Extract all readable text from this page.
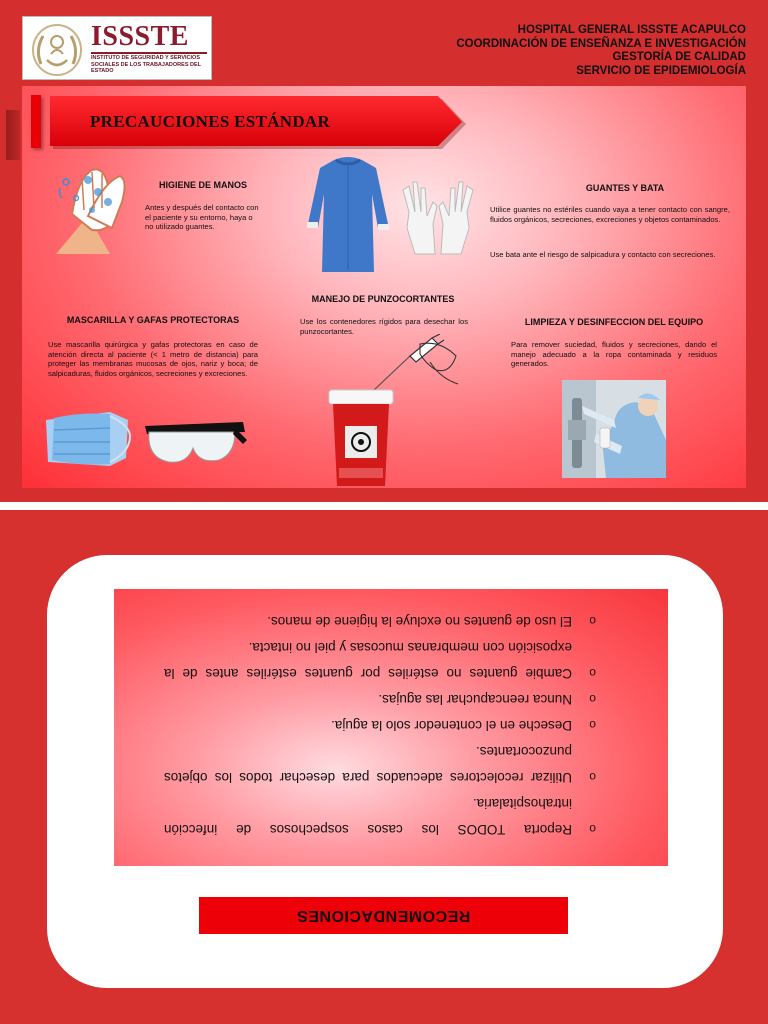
ISSSTE
INSTITUTO DE SEGURIDAD Y SERVICIOS SOCIALES DE LOS TRABAJADORES DEL ESTADO
HOSPITAL GENERAL ISSSTE ACAPULCO
COORDINACIÓN DE ENSEÑANZA E INVESTIGACIÓN
GESTORÍA DE CALIDAD
SERVICIO DE EPIDEMIOLOGÍA
PRECAUCIONES ESTÁNDAR
HIGIENE DE MANOS
Antes y después del contacto con el paciente y su entorno, haya o no utilizado guantes.
GUANTES Y BATA
Utilice guantes no estériles cuando vaya a tener contacto con sangre, fluidos orgánicos, secreciones, excreciones y objetos contaminados.
Use bata ante el riesgo de salpicadura y contacto con secreciones.
MANEJO DE PUNZOCORTANTES
Use los contenedores rígidos para desechar los punzocortantes.
MASCARILLA Y GAFAS PROTECTORAS
Use mascarilla quirúrgica y gafas protectoras en caso de atención directa al paciente (< 1 metro de distancia) para proteger las membranas mucosas de ojos, nariz y boca; de salpicaduras, fluidos orgánicos, secreciones y excreciones.
LIMPIEZA Y DESINFECCION DEL EQUIPO
Para remover suciedad, fluidos y secreciones, dando el manejo adecuado a la ropa contaminada y residuos generados.
o Reporta TODOS los casos sospechosos de infección intrahospitalaria.
o Utilizar recolectores adecuados para desechar todos los objetos punzocortantes.
o Deseche en el contenedor solo la aguja.
o Nunca reencapuchar las agujas.
o Cambie guantes no estériles por guantes estériles antes de la exposición con membranas mucosas y piel no intacta.
o El uso de guantes no excluye la higiene de manos.
RECOMENDACIONES
